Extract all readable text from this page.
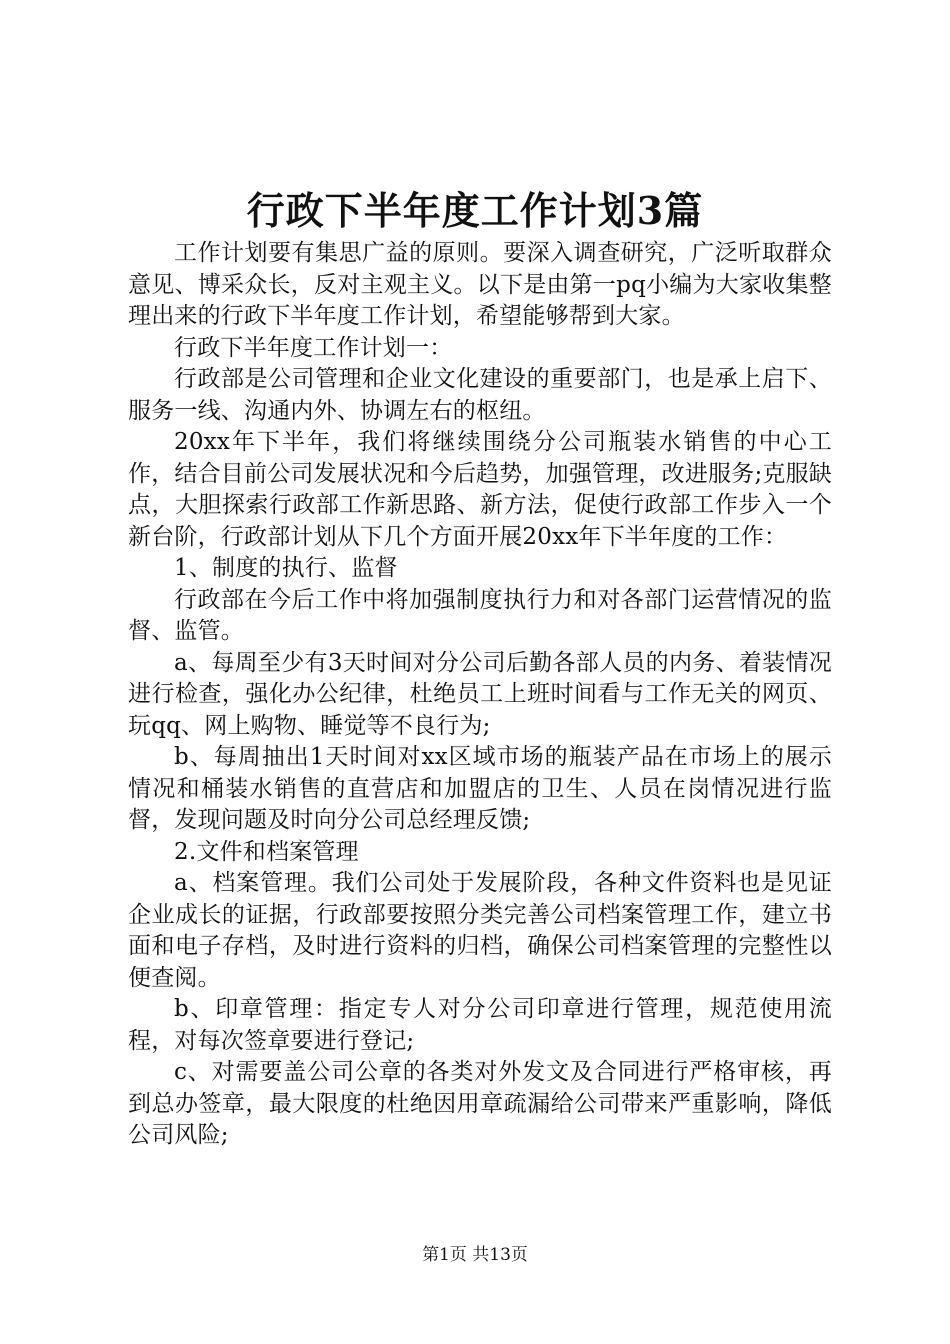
行政下半年度工作计划3篇

工作计划要有集思广益的原则。要深入调查研究，广泛听取群众意见、博采众长，反对主观主义。以下是由第一pq小编为大家收集整理出来的行政下半年度工作计划，希望能够帮到大家。

行政下半年度工作计划一：

行政部是公司管理和企业文化建设的重要部门，也是承上启下、服务一线、沟通内外、协调左右的枢纽。

20xx年下半年，我们将继续围绕分公司瓶装水销售的中心工作，结合目前公司发展状况和今后趋势，加强管理，改进服务;克服缺点，大胆探索行政部工作新思路、新方法，促使行政部工作步入一个新台阶，行政部计划从下几个方面开展20xx年下半年度的工作：

1、制度的执行、监督

行政部在今后工作中将加强制度执行力和对各部门运营情况的监督、监管。

a、每周至少有3天时间对分公司后勤各部人员的内务、着装情况进行检查，强化办公纪律，杜绝员工上班时间看与工作无关的网页、玩qq、网上购物、睡觉等不良行为;

b、每周抽出1天时间对xx区域市场的瓶装产品在市场上的展示情况和桶装水销售的直营店和加盟店的卫生、人员在岗情况进行监督，发现问题及时向分公司总经理反馈;

2.文件和档案管理

a、档案管理。我们公司处于发展阶段，各种文件资料也是见证企业成长的证据，行政部要按照分类完善公司档案管理工作，建立书面和电子存档，及时进行资料的归档，确保公司档案管理的完整性以便查阅。

b、印章管理：指定专人对分公司印章进行管理，规范使用流程，对每次签章要进行登记;

c、对需要盖公司公章的各类对外发文及合同进行严格审核，再到总办签章，最大限度的杜绝因用章疏漏给公司带来严重影响，降低公司风险;

第1页 共13页
